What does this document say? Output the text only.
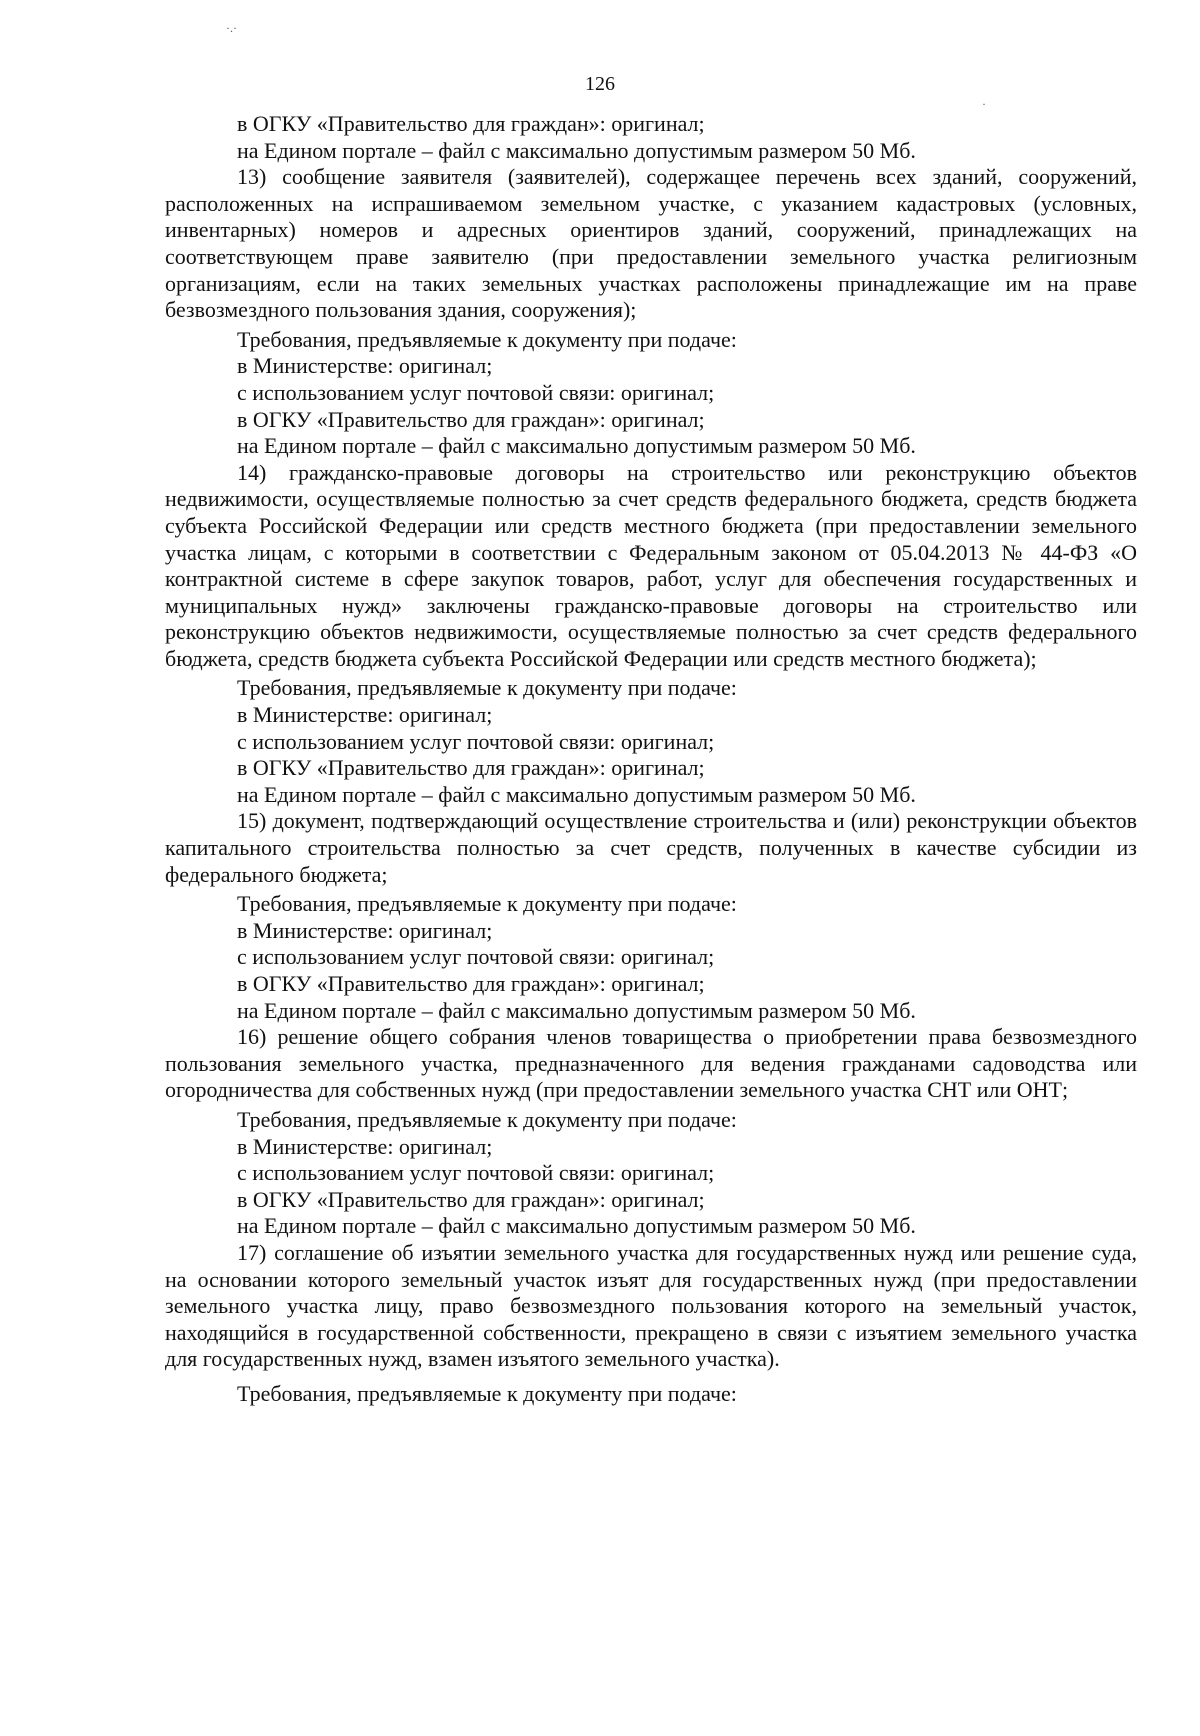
·.·
·
126

в ОГКУ «Правительство для граждан»: оригинал;

на Едином портале – файл с максимально допустимым размером 50 Мб.

13) сообщение заявителя (заявителей), содержащее перечень всех зданий, сооружений, расположенных на испрашиваемом земельном участке, с указанием кадастровых (условных, инвентарных) номеров и адресных ориентиров зданий, сооружений, принадлежащих на соответствующем праве заявителю (при предоставлении земельного участка религиозным организациям, если на таких земельных участках расположены принадлежащие им на праве безвозмездного пользования здания, сооружения);

Требования, предъявляемые к документу при подаче:

в Министерстве: оригинал;

с использованием услуг почтовой связи: оригинал;

в ОГКУ «Правительство для граждан»: оригинал;

на Едином портале – файл с максимально допустимым размером 50 Мб.

14) гражданско-правовые договоры на строительство или реконструкцию объектов недвижимости, осуществляемые полностью за счет средств федерального бюджета, средств бюджета субъекта Российской Федерации или средств местного бюджета (при предоставлении земельного участка лицам, с которыми в соответствии с Федеральным законом от 05.04.2013 № 44-ФЗ «О контрактной системе в сфере закупок товаров, работ, услуг для обеспечения государственных и муниципальных нужд» заключены гражданско-правовые договоры на строительство или реконструкцию объектов недвижимости, осуществляемые полностью за счет средств федерального бюджета, средств бюджета субъекта Российской Федерации или средств местного бюджета);

Требования, предъявляемые к документу при подаче:

в Министерстве: оригинал;

с использованием услуг почтовой связи: оригинал;

в ОГКУ «Правительство для граждан»: оригинал;

на Едином портале – файл с максимально допустимым размером 50 Мб.

15) документ, подтверждающий осуществление строительства и (или) реконструкции объектов капитального строительства полностью за счет средств, полученных в качестве субсидии из федерального бюджета;

Требования, предъявляемые к документу при подаче:

в Министерстве: оригинал;

с использованием услуг почтовой связи: оригинал;

в ОГКУ «Правительство для граждан»: оригинал;

на Едином портале – файл с максимально допустимым размером 50 Мб.

16) решение общего собрания членов товарищества о приобретении права безвозмездного пользования земельного участка, предназначенного для ведения гражданами садоводства или огородничества для собственных нужд (при предоставлении земельного участка СНТ или ОНТ;

Требования, предъявляемые к документу при подаче:

в Министерстве: оригинал;

с использованием услуг почтовой связи: оригинал;

в ОГКУ «Правительство для граждан»: оригинал;

на Едином портале – файл с максимально допустимым размером 50 Мб.

17) соглашение об изъятии земельного участка для государственных нужд или решение суда, на основании которого земельный участок изъят для государственных нужд (при предоставлении земельного участка лицу, право безвозмездного пользования которого на земельный участок, находящийся в государственной собственности, прекращено в связи с изъятием земельного участка для государственных нужд, взамен изъятого земельного участка).

Требования, предъявляемые к документу при подаче:
